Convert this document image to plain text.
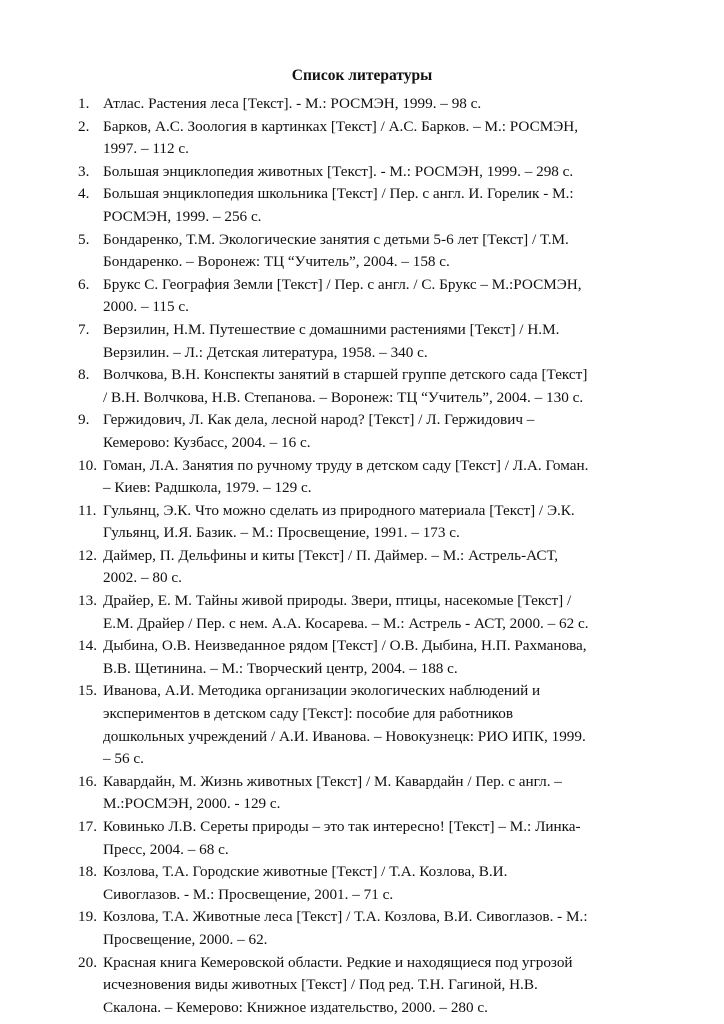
Список литературы
1. Атлас. Растения леса [Текст]. - М.: РОСМЭН, 1999. – 98 с.
2. Барков, А.С. Зоология в картинках [Текст] / А.С. Барков. – М.: РОСМЭН,
1997. – 112 с.
3. Большая энциклопедия животных [Текст]. - М.: РОСМЭН, 1999. – 298 с.
4. Большая энциклопедия школьника [Текст] / Пер. с англ. И. Горелик - М.:
РОСМЭН, 1999. – 256 с.
5. Бондаренко, Т.М. Экологические занятия с детьми 5-6 лет [Текст] / Т.М.
Бондаренко. – Воронеж: ТЦ “Учитель”, 2004. – 158 с.
6. Брукс С. География Земли [Текст] / Пер. с англ. / С. Брукс – М.:РОСМЭН,
2000. – 115 с.
7. Верзилин, Н.М. Путешествие с домашними растениями [Текст] / Н.М.
Верзилин. – Л.: Детская литература, 1958. – 340 с.
8. Волчкова, В.Н. Конспекты занятий в старшей группе детского сада [Текст]
/ В.Н. Волчкова, Н.В. Степанова. – Воронеж: ТЦ “Учитель”, 2004. – 130 с.
9. Гержидович, Л. Как дела, лесной народ? [Текст] / Л. Гержидович –
Кемерово: Кузбасс, 2004. – 16 с.
10. Гоман, Л.А. Занятия по ручному труду в детском саду [Текст] / Л.А. Гоман.
– Киев: Радшкола, 1979. – 129 с.
11. Гульянц, Э.К. Что можно сделать из природного материала [Текст] / Э.К.
Гульянц, И.Я. Базик. – М.: Просвещение, 1991. – 173 с.
12. Даймер, П. Дельфины и киты [Текст] / П. Даймер. – М.: Астрель-АСТ,
2002. – 80 с.
13. Драйер, Е. М. Тайны живой природы. Звери, птицы, насекомые [Текст] /
Е.М. Драйер / Пер. с нем. А.А. Косарева. – М.: Астрель - АСТ, 2000. – 62 с.
14. Дыбина, О.В. Неизведанное рядом [Текст] / О.В. Дыбина, Н.П. Рахманова,
В.В. Щетинина. – М.: Творческий центр, 2004. – 188 с.
15. Иванова, А.И. Методика организации экологических наблюдений и
экспериментов в детском саду [Текст]: пособие для работников
дошкольных учреждений / А.И. Иванова. – Новокузнецк: РИО ИПК, 1999.
– 56 с.
16. Кавардайн, М. Жизнь животных [Текст] / М. Кавардайн / Пер. с англ. –
М.:РОСМЭН, 2000. - 129 с.
17. Ковинько Л.В. Сереты природы – это так интересно! [Текст] – М.: Линка-
Пресс, 2004. – 68 с.
18. Козлова, Т.А. Городские животные [Текст] / Т.А. Козлова, В.И.
Сивоглазов. - М.: Просвещение, 2001. – 71 с.
19. Козлова, Т.А. Животные леса [Текст] / Т.А. Козлова, В.И. Сивоглазов. - М.:
Просвещение, 2000. – 62.
20. Красная книга Кемеровской области. Редкие и находящиеся под угрозой
исчезновения виды животных [Текст] / Под ред. Т.Н. Гагиной, Н.В.
Скалона. – Кемерово: Книжное издательство, 2000. – 280 с.
